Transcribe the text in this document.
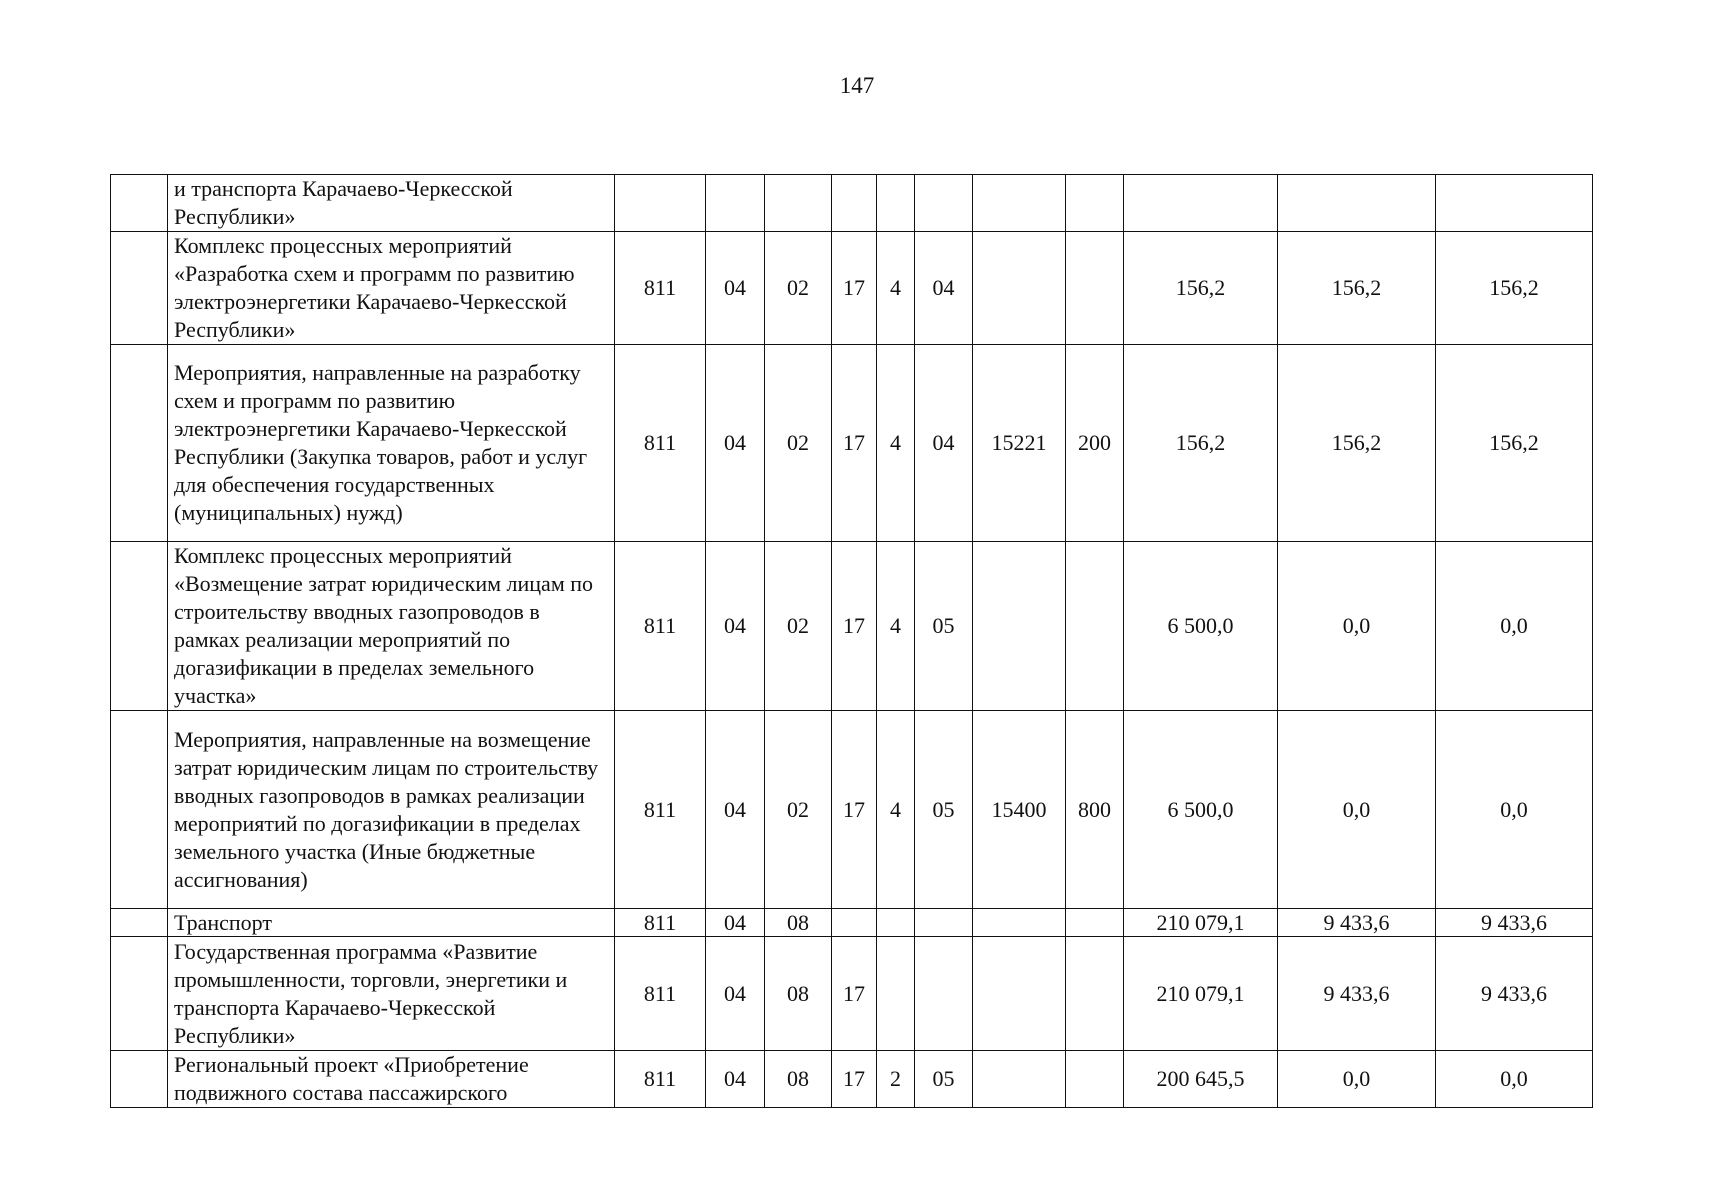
147
	и транспорта Карачаево-Черкесской Республики»											
	Комплекс процессных мероприятий «Разработка схем и программ по развитию электроэнергетики Карачаево-Черкесской Республики»	811	04	02	17	4	04			156,2	156,2	156,2
	Мероприятия, направленные на разработку схем и программ по развитию электроэнергетики Карачаево-Черкесской Республики (Закупка товаров, работ и услуг для обеспечения государственных (муниципальных) нужд)	811	04	02	17	4	04	15221	200	156,2	156,2	156,2
	Комплекс процессных мероприятий «Возмещение затрат юридическим лицам по строительству вводных газопроводов в рамках реализации мероприятий по догазификации в пределах земельного участка»	811	04	02	17	4	05			6 500,0	0,0	0,0
	Мероприятия, направленные на возмещение затрат юридическим лицам по строительству вводных газопроводов в рамках реализации мероприятий по догазификации в пределах земельного участка (Иные бюджетные ассигнования)	811	04	02	17	4	05	15400	800	6 500,0	0,0	0,0
	Транспорт	811	04	08						210 079,1	9 433,6	9 433,6
	Государственная программа «Развитие промышленности, торговли, энергетики и транспорта Карачаево-Черкесской Республики»	811	04	08	17					210 079,1	9 433,6	9 433,6
	Региональный проект «Приобретение подвижного состава пассажирского	811	04	08	17	2	05			200 645,5	0,0	0,0
